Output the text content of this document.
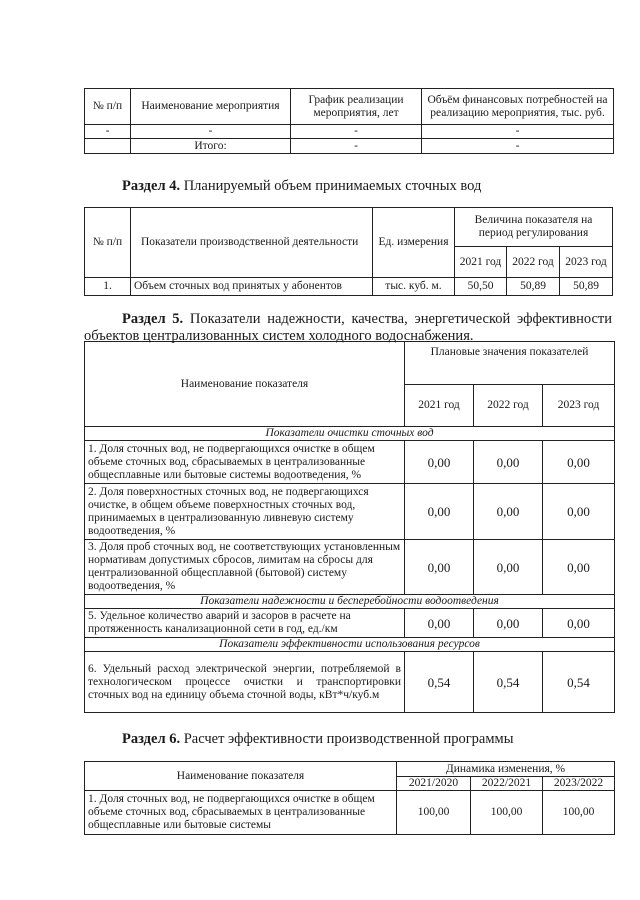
№ п/п	Наименование мероприятия	График реализации мероприятия, лет	Объём финансовых потребностей на реализацию мероприятия, тыс. руб.
-	-	-	-
	Итого:	-	-

Раздел 4. Планируемый объем принимаемых сточных вод

№ п/п	Показатели производственной деятельности	Ед. измерения	Величина показателя на период регулирования		
			2021 год	2022 год	2023 год
1.	Объем сточных вод принятых у абонентов	тыс. куб. м.	50,50	50,89	50,89

Раздел 5. Показатели надежности, качества, энергетической эффективности объектов централизованных систем холодного водоснабжения.

Наименование показателя	Плановые значения показателей		
	2021 год	2022 год	2023 год
Показатели очистки сточных вод			
1. Доля сточных вод, не подвергающихся очистке в общем объеме сточных вод, сбрасываемых в централизованные общесплавные или бытовые системы водоотведения, %	0,00	0,00	0,00
2. Доля поверхностных сточных вод, не подвергающихся очистке, в общем объеме поверхностных сточных вод, принимаемых в централизованную ливневую систему водоотведения, %	0,00	0,00	0,00
3. Доля проб сточных вод, не соответствующих установленным нормативам допустимых сбросов, лимитам на сбросы для централизованной общесплавной (бытовой) систему водоотведения, %	0,00	0,00	0,00
Показатели надежности и бесперебойности водоотведения			
5. Удельное количество аварий и засоров в расчете на протяженность канализационной сети в год, ед./км	0,00	0,00	0,00
Показатели эффективности использования ресурсов			
6. Удельный расход электрической энергии, потребляемой в технологическом процессе очистки и транспортировки сточных вод на единицу объема сточной воды, кВт*ч/куб.м	0,54	0,54	0,54

Раздел 6. Расчет эффективности производственной программы

Наименование показателя	Динамика изменения, %		
	2021/2020	2022/2021	2023/2022
1. Доля сточных вод, не подвергающихся очистке в общем объеме сточных вод, сбрасываемых в централизованные общесплавные или бытовые системы	100,00	100,00	100,00
